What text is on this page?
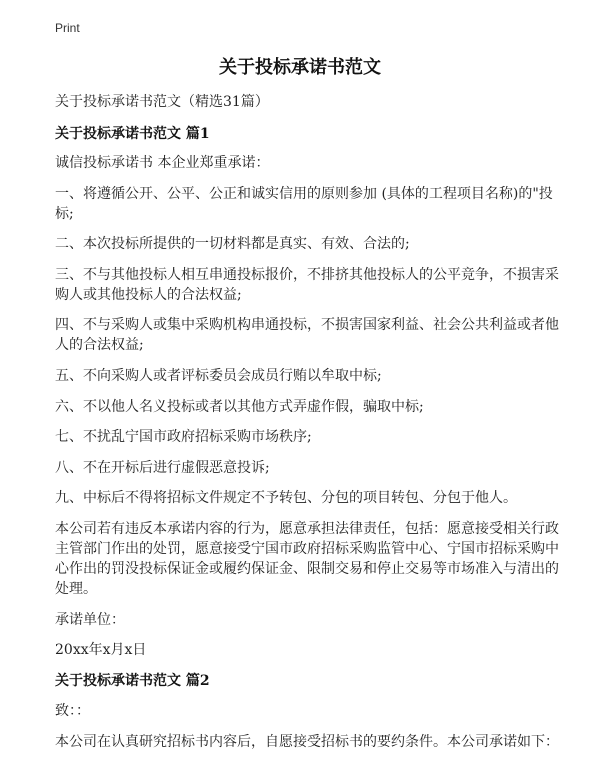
Print
关于投标承诺书范文
关于投标承诺书范文（精选31篇）
关于投标承诺书范文 篇1
诚信投标承诺书 本企业郑重承诺：
一、将遵循公开、公平、公正和诚实信用的原则参加 (具体的工程项目名称)的"投
标;
二、本次投标所提供的一切材料都是真实、有效、合法的;
三、不与其他投标人相互串通投标报价，不排挤其他投标人的公平竞争，不损害采
购人或其他投标人的合法权益;
四、不与采购人或集中采购机构串通投标，不损害国家利益、社会公共利益或者他
人的合法权益;
五、不向采购人或者评标委员会成员行贿以牟取中标;
六、不以他人名义投标或者以其他方式弄虚作假，骗取中标;
七、不扰乱宁国市政府招标采购市场秩序;
八、不在开标后进行虚假恶意投诉;
九、中标后不得将招标文件规定不予转包、分包的项目转包、分包于他人。
本公司若有违反本承诺内容的行为，愿意承担法律责任，包括：愿意接受相关行政
主管部门作出的处罚，愿意接受宁国市政府招标采购监管中心、宁国市招标采购中
心作出的罚没投标保证金或履约保证金、限制交易和停止交易等市场准入与清出的
处理。
承诺单位：
20xx年x月x日
关于投标承诺书范文 篇2
致：：
本公司在认真研究招标书内容后，自愿接受招标书的要约条件。本公司承诺如下：
